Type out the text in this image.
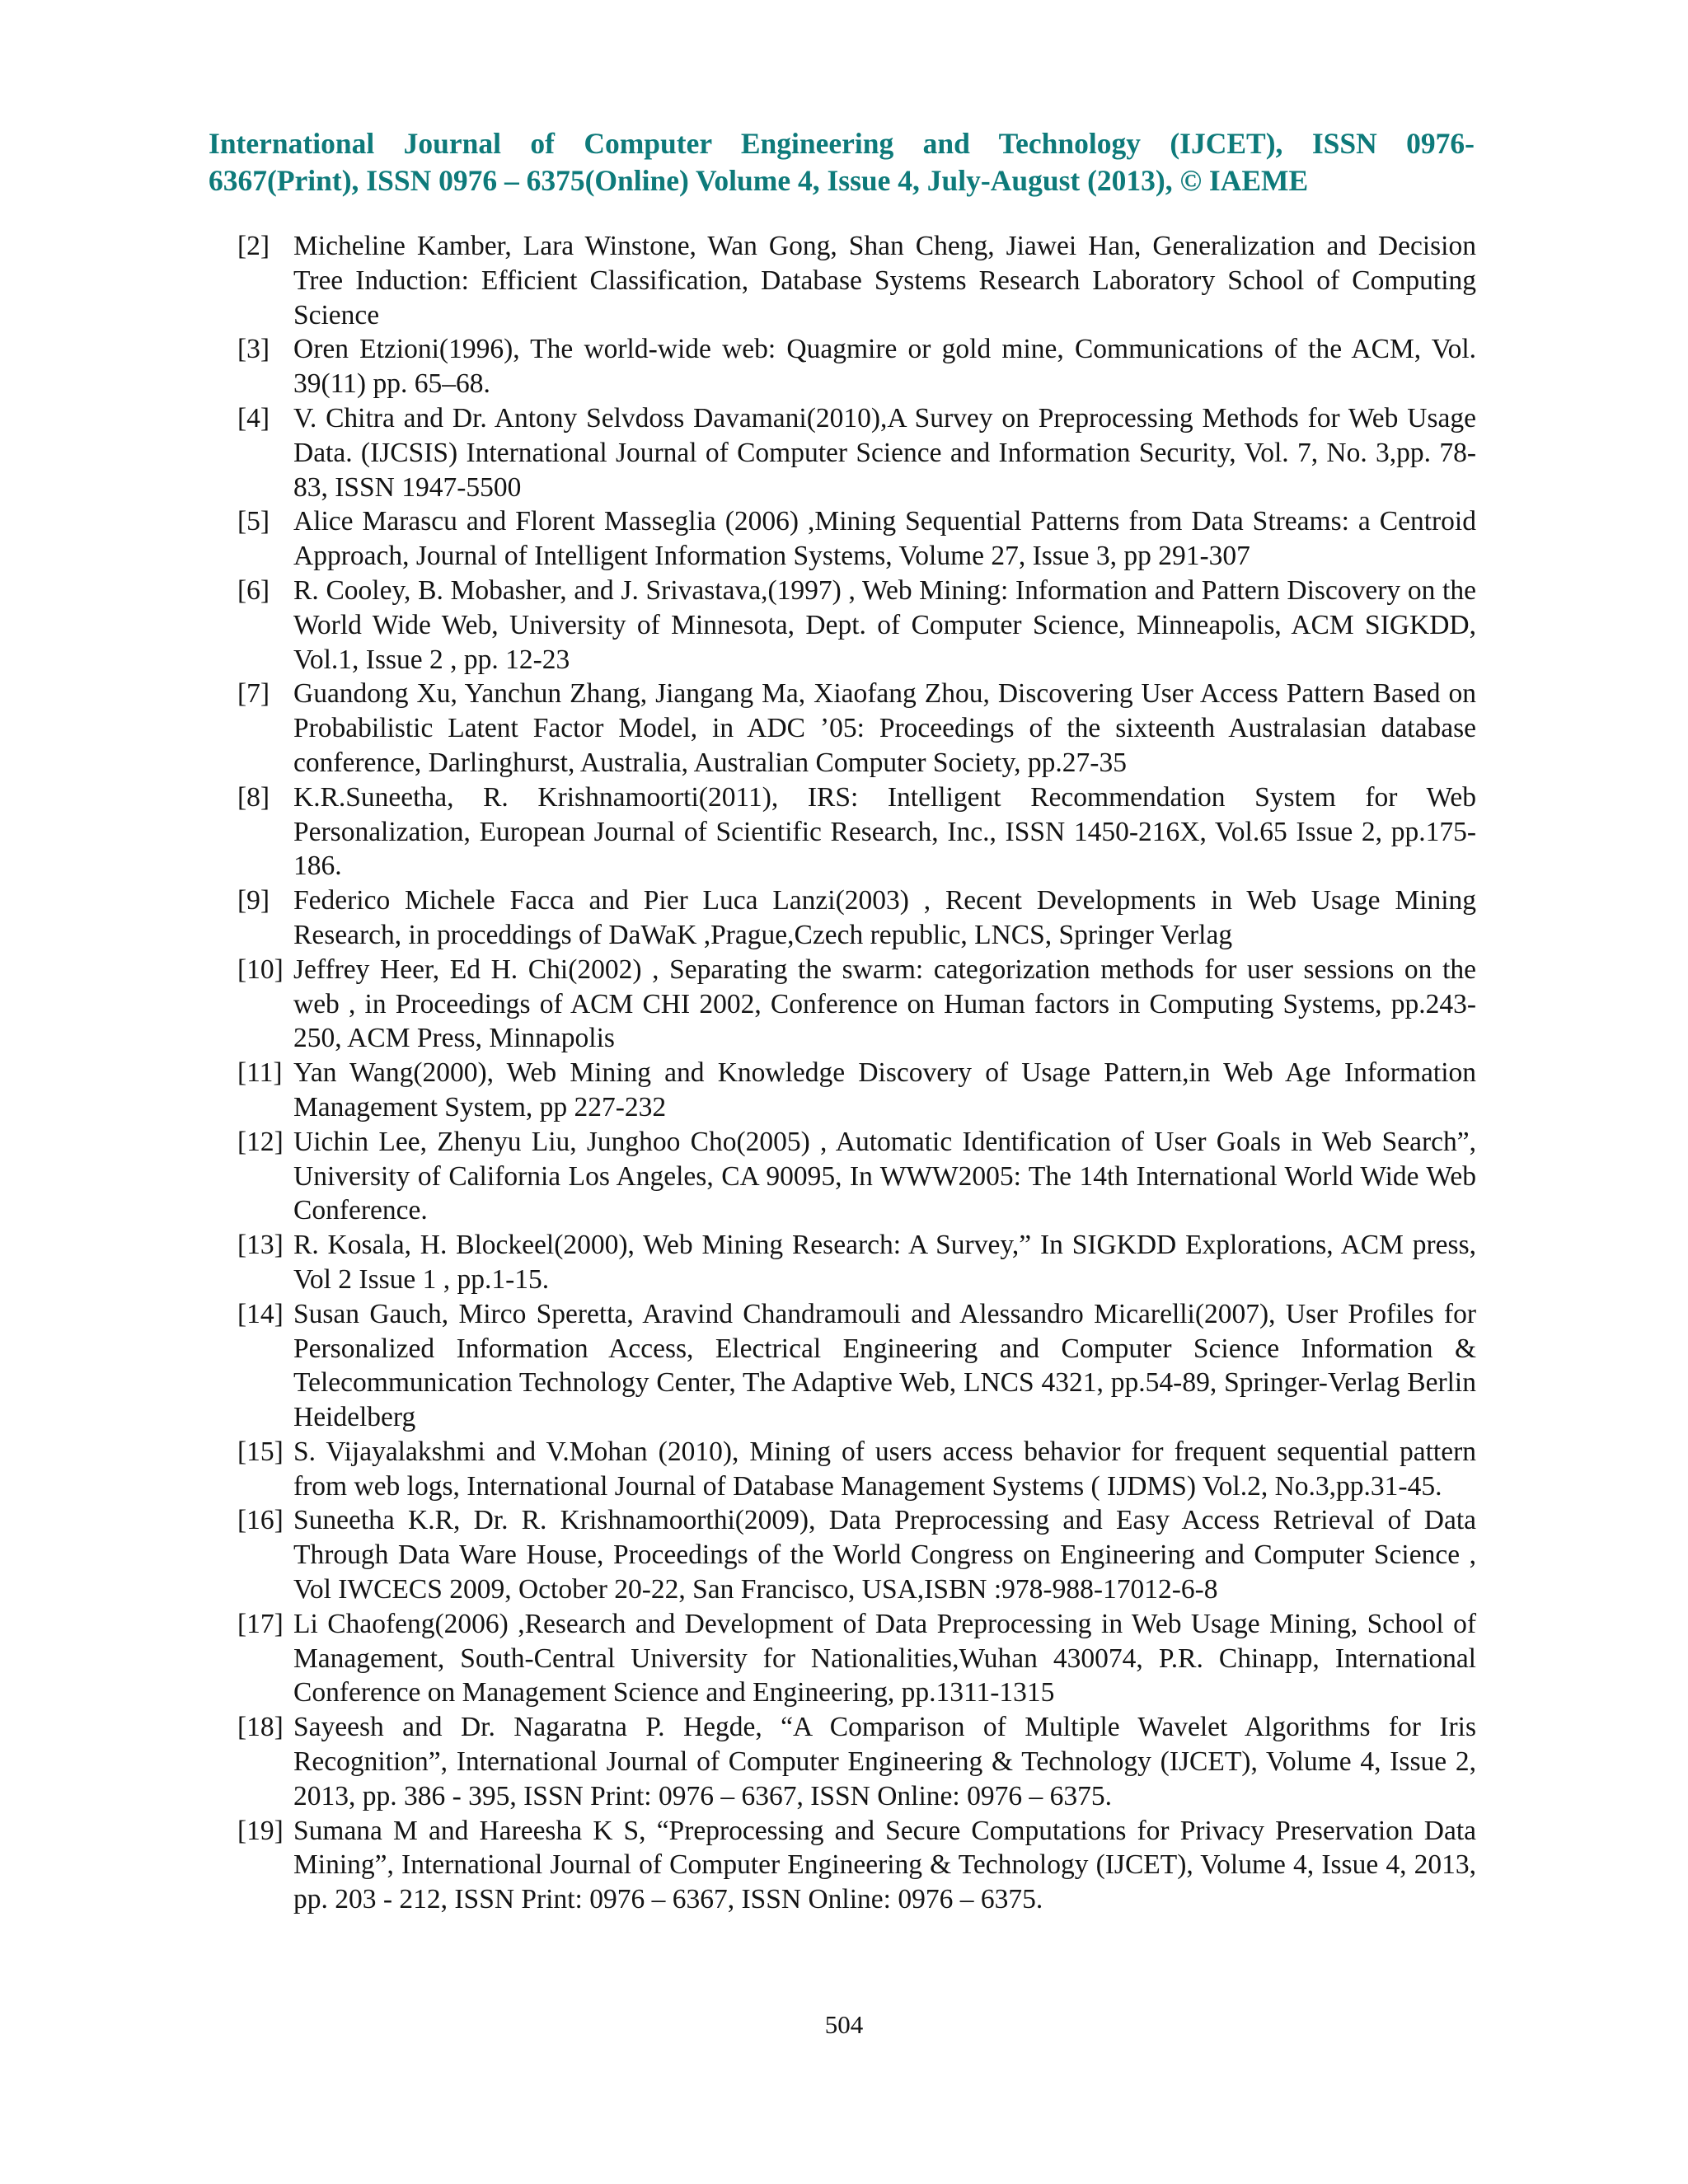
International Journal of Computer Engineering and Technology (IJCET), ISSN 0976-
6367(Print), ISSN 0976 – 6375(Online) Volume 4, Issue 4, July-August (2013), © IAEME
[2] Micheline Kamber, Lara Winstone, Wan Gong, Shan Cheng, Jiawei Han, Generalization and Decision Tree Induction: Efficient Classification, Database Systems Research Laboratory School of Computing Science
[3] Oren Etzioni(1996), The world-wide web: Quagmire or gold mine, Communications of the ACM, Vol. 39(11) pp. 65–68.
[4] V. Chitra and Dr. Antony Selvdoss Davamani(2010),A Survey on Preprocessing Methods for Web Usage Data. (IJCSIS) International Journal of Computer Science and Information Security, Vol. 7, No. 3,pp. 78-83, ISSN 1947-5500
[5] Alice Marascu and Florent Masseglia (2006) ,Mining Sequential Patterns from Data Streams: a Centroid Approach, Journal of Intelligent Information Systems, Volume 27, Issue 3, pp 291-307
[6] R. Cooley, B. Mobasher, and J. Srivastava,(1997) , Web Mining: Information and Pattern Discovery on the World Wide Web, University of Minnesota, Dept. of Computer Science, Minneapolis, ACM SIGKDD, Vol.1, Issue 2 , pp. 12-23
[7] Guandong Xu, Yanchun Zhang, Jiangang Ma, Xiaofang Zhou, Discovering User Access Pattern Based on Probabilistic Latent Factor Model, in ADC ’05: Proceedings of the sixteenth Australasian database conference, Darlinghurst, Australia, Australian Computer Society, pp.27-35
[8] K.R.Suneetha, R. Krishnamoorti(2011), IRS: Intelligent Recommendation System for Web Personalization, European Journal of Scientific Research, Inc., ISSN 1450-216X, Vol.65 Issue 2, pp.175-186.
[9] Federico Michele Facca and Pier Luca Lanzi(2003) , Recent Developments in Web Usage Mining Research, in proceddings of DaWaK ,Prague,Czech republic, LNCS, Springer Verlag
[10] Jeffrey Heer, Ed H. Chi(2002) , Separating the swarm: categorization methods for user sessions on the web , in Proceedings of ACM CHI 2002, Conference on Human factors in Computing Systems, pp.243-250, ACM Press, Minnapolis
[11] Yan Wang(2000), Web Mining and Knowledge Discovery of Usage Pattern,in Web Age Information Management System, pp 227-232
[12] Uichin Lee, Zhenyu Liu, Junghoo Cho(2005) , Automatic Identification of User Goals in Web Search”, University of California Los Angeles, CA 90095, In WWW2005: The 14th International World Wide Web Conference.
[13] R. Kosala, H. Blockeel(2000), Web Mining Research: A Survey,” In SIGKDD Explorations, ACM press, Vol 2 Issue 1 , pp.1-15.
[14] Susan Gauch, Mirco Speretta, Aravind Chandramouli and Alessandro Micarelli(2007), User Profiles for Personalized Information Access, Electrical Engineering and Computer Science Information & Telecommunication Technology Center, The Adaptive Web, LNCS 4321, pp.54-89, Springer-Verlag Berlin Heidelberg
[15] S. Vijayalakshmi and V.Mohan (2010), Mining of users access behavior for frequent sequential pattern from web logs, International Journal of Database Management Systems ( IJDMS) Vol.2, No.3,pp.31-45.
[16] Suneetha K.R, Dr. R. Krishnamoorthi(2009), Data Preprocessing and Easy Access Retrieval of Data Through Data Ware House, Proceedings of the World Congress on Engineering and Computer Science , Vol IWCECS 2009, October 20-22, San Francisco, USA,ISBN :978-988-17012-6-8
[17] Li Chaofeng(2006) ,Research and Development of Data Preprocessing in Web Usage Mining, School of Management, South-Central University for Nationalities,Wuhan 430074, P.R. Chinapp, International Conference on Management Science and Engineering, pp.1311-1315
[18] Sayeesh and Dr. Nagaratna P. Hegde, “A Comparison of Multiple Wavelet Algorithms for Iris Recognition”, International Journal of Computer Engineering & Technology (IJCET), Volume 4, Issue 2, 2013, pp. 386 - 395, ISSN Print: 0976 – 6367, ISSN Online: 0976 – 6375.
[19] Sumana M and Hareesha K S, “Preprocessing and Secure Computations for Privacy Preservation Data Mining”, International Journal of Computer Engineering & Technology (IJCET), Volume 4, Issue 4, 2013, pp. 203 - 212, ISSN Print: 0976 – 6367, ISSN Online: 0976 – 6375.
504
